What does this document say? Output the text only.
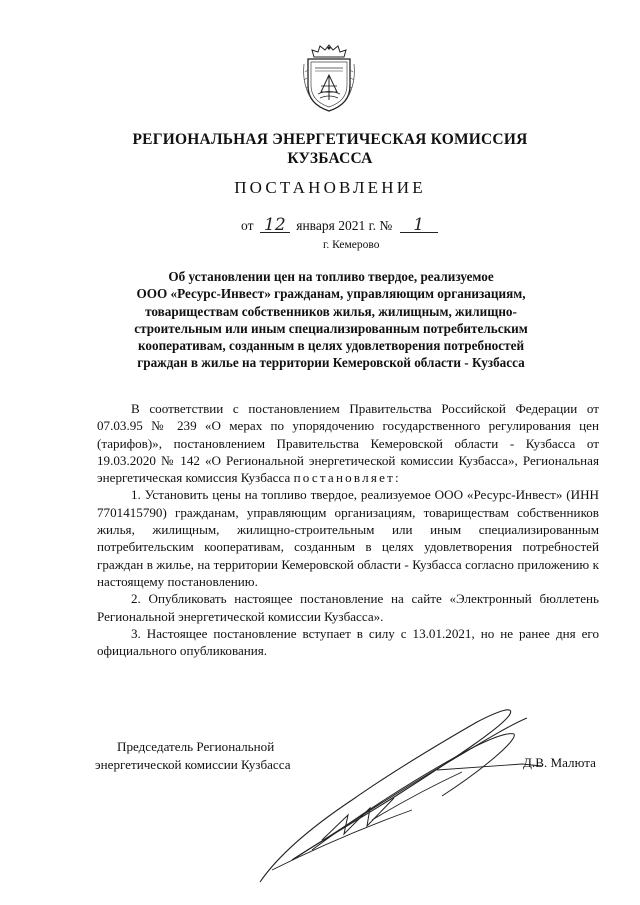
РЕГИОНАЛЬНАЯ ЭНЕРГЕТИЧЕСКАЯ КОМИССИЯ
КУЗБАССА
ПОСТАНОВЛЕНИЕ
от 12 января 2021 г. № 1
г. Кемерово
Об установлении цен на топливо твердое, реализуемое
ООО «Ресурс-Инвест» гражданам, управляющим организациям,
товариществам собственников жилья, жилищным, жилищно-
строительным или иным специализированным потребительским
кооперативам, созданным в целях удовлетворения потребностей
граждан в жилье на территории Кемеровской области - Кузбасса

В соответствии с постановлением Правительства Российской Федерации от 07.03.95 № 239 «О мерах по упорядочению государственного регулирования цен (тарифов)», постановлением Правительства Кемеровской области - Кузбасса от 19.03.2020 № 142 «О Региональной энергетической комиссии Кузбасса», Региональная энергетическая комиссия Кузбасса постановляет:

1. Установить цены на топливо твердое, реализуемое ООО «Ресурс-Инвест» (ИНН 7701415790) гражданам, управляющим организациям, товариществам собственников жилья, жилищным, жилищно-строительным или иным специализированным потребительским кооперативам, созданным в целях удовлетворения потребностей граждан в жилье, на территории Кемеровской области - Кузбасса согласно приложению к настоящему постановлению.

2. Опубликовать настоящее постановление на сайте «Электронный бюллетень Региональной энергетической комиссии Кузбасса».

3. Настоящее постановление вступает в силу с 13.01.2021, но не ранее дня его официального опубликования.

Председатель Региональной
энергетической комиссии Кузбасса	Д.В. Малюта
